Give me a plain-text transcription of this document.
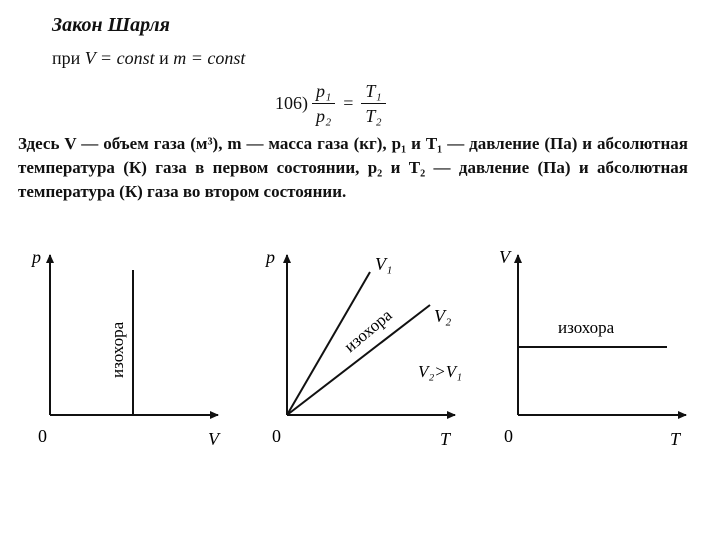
Закон Шарля
при V = const и m = const
$106) \frac{\text{p₁}}{\text{p₂}} = \frac{\text{T₁}}{\text{T₂}}$
Здесь V — объем газа (м³), m — масса газа (кг), p₁ и T₁ — давление (Па) и абсолютная температура (К) газа в первом состоянии, p₂ и T₂ — давление (Па) и абсолютная температура (К) газа во втором состоянии.
p
V
0
изохора
p
T
0
V₁
V₂
изохора
V₂>V₁
V
T
0
изохора
